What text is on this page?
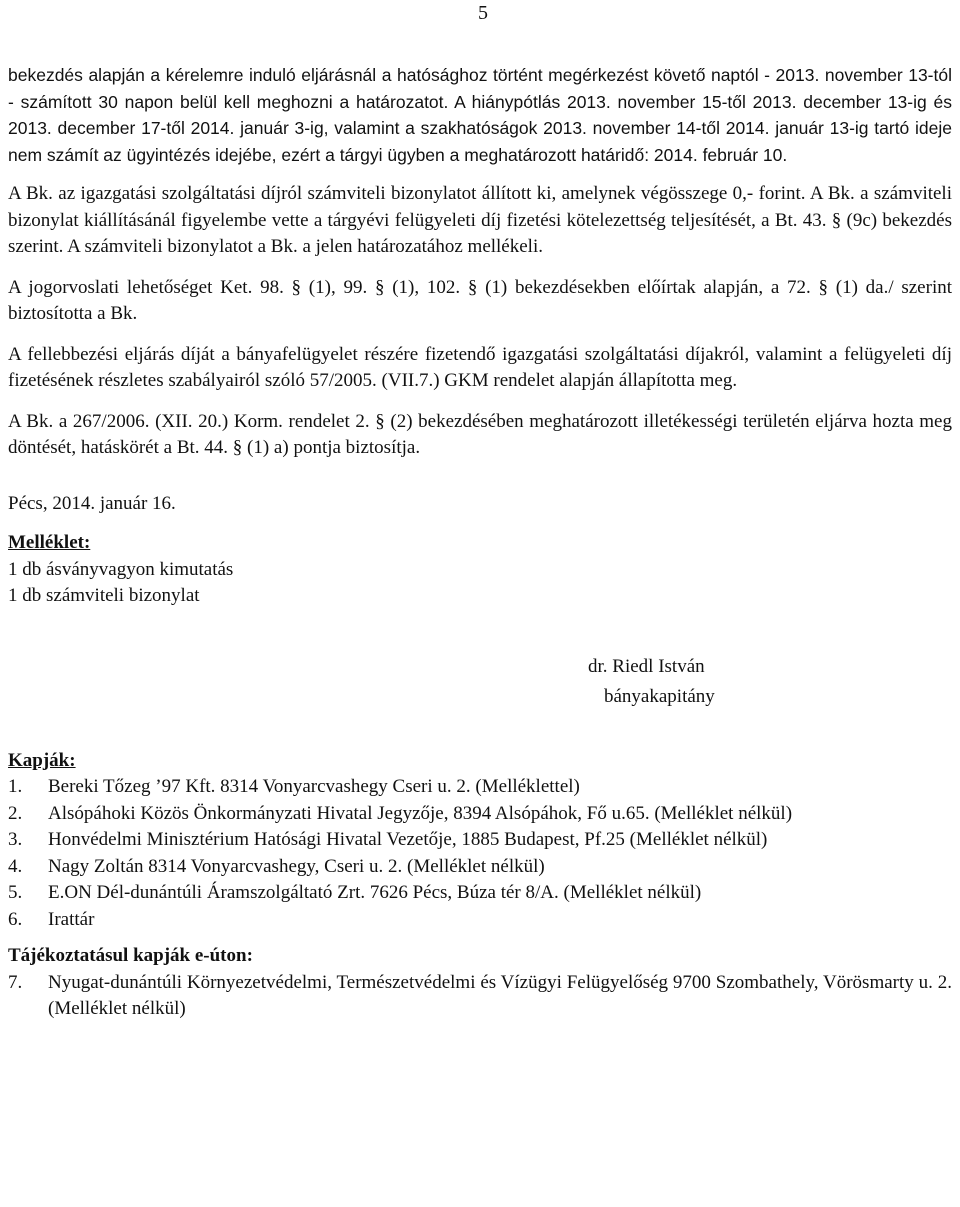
5

bekezdés alapján a kérelemre induló eljárásnál a hatósághoz történt megérkezést követő naptól - 2013. november 13-tól - számított 30 napon belül kell meghozni a határozatot. A hiánypótlás 2013. november 15-től 2013. december 13-ig és 2013. december 17-től 2014. január 3-ig, valamint a szakhatóságok 2013. november 14-től 2014. január 13-ig tartó ideje nem számít az ügyintézés idejébe, ezért a tárgyi ügyben a meghatározott határidő: 2014. február 10.

A Bk. az igazgatási szolgáltatási díjról számviteli bizonylatot állított ki, amelynek végösszege 0,- forint. A Bk. a számviteli bizonylat kiállításánál figyelembe vette a tárgyévi felügyeleti díj fizetési kötelezettség teljesítését, a Bt. 43. § (9c) bekezdés szerint. A számviteli bizonylatot a Bk. a jelen határozatához mellékeli.

A jogorvoslati lehetőséget Ket. 98. § (1), 99. § (1), 102. § (1) bekezdésekben előírtak alapján, a 72. § (1) da./ szerint biztosította a Bk.

A fellebbezési eljárás díját a bányafelügyelet részére fizetendő igazgatási szolgáltatási díjakról, valamint a felügyeleti díj fizetésének részletes szabályairól szóló 57/2005. (VII.7.) GKM rendelet alapján állapította meg.

A Bk. a 267/2006. (XII. 20.) Korm. rendelet 2. § (2) bekezdésében meghatározott illetékességi területén eljárva hozta meg döntését, hatáskörét a Bt. 44. § (1) a) pontja biztosítja.

Pécs, 2014. január 16.

Melléklet:

1 db ásványvagyon kimutatás

1 db számviteli bizonylat

dr. Riedl István

bányakapitány

Kapják:

1. Bereki Tőzeg ’97 Kft. 8314 Vonyarcvashegy Cseri u. 2. (Melléklettel)
2. Alsópáhoki Közös Önkormányzati Hivatal Jegyzője, 8394 Alsópáhok, Fő u.65. (Melléklet nélkül)
3. Honvédelmi Minisztérium Hatósági Hivatal Vezetője, 1885 Budapest, Pf.25 (Melléklet nélkül)
4. Nagy Zoltán 8314 Vonyarcvashegy, Cseri u. 2. (Melléklet nélkül)
5. E.ON Dél-dunántúli Áramszolgáltató Zrt. 7626 Pécs, Búza tér 8/A. (Melléklet nélkül)
6. Irattár

Tájékoztatásul kapják e-úton:

7. Nyugat-dunántúli Környezetvédelmi, Természetvédelmi és Vízügyi Felügyelőség 9700 Szombathely, Vörösmarty u. 2. (Melléklet nélkül)
